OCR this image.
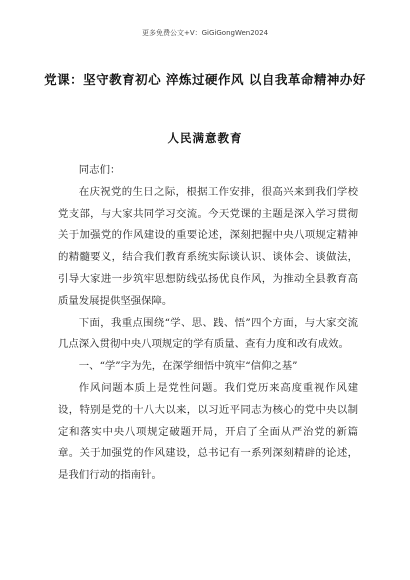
更多免费公文+V：GiGiGongWen2024
党课：坚守教育初心 淬炼过硬作风 以自我革命精神办好
人民满意教育

同志们：

在庆祝党的生日之际，根据工作安排，很高兴来到我们学校党支部，与大家共同学习交流。今天党课的主题是深入学习贯彻关于加强党的作风建设的重要论述，深刻把握中央八项规定精神的精髓要义，结合我们教育系统实际谈认识、谈体会、谈做法，引导大家进一步筑牢思想防线弘扬优良作风，为推动全县教育高质量发展提供坚强保障。

下面，我重点围绕“学、思、践、悟”四个方面，与大家交流几点深入贯彻中央八项规定的学有质量、查有力度和改有成效。

一、“学”字为先，在深学细悟中筑牢“信仰之基”

作风问题本质上是党性问题。我们党历来高度重视作风建设，特别是党的十八大以来，以习近平同志为核心的党中央以制定和落实中央八项规定破题开局，开启了全面从严治党的新篇章。关于加强党的作风建设，总书记有一系列深刻精辟的论述，是我们行动的指南针。
